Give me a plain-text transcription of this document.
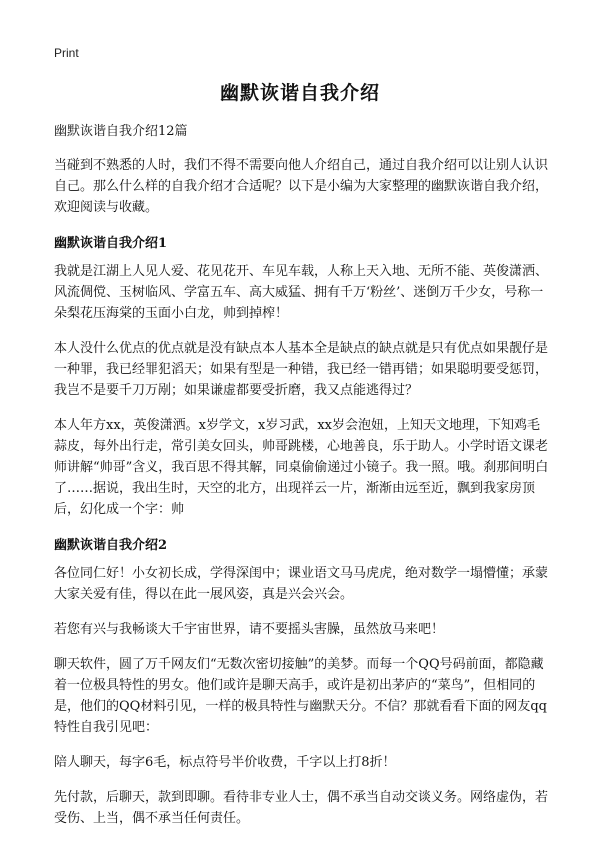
Print
幽默诙谐自我介绍
幽默诙谐自我介绍12篇

当碰到不熟悉的人时，我们不得不需要向他人介绍自己，通过自我介绍可以让别人认识自己。那么什么样的自我介绍才合适呢？以下是小编为大家整理的幽默诙谐自我介绍，欢迎阅读与收藏。

幽默诙谐自我介绍1

我就是江湖上人见人爱、花见花开、车见车载，人称上天入地、无所不能、英俊潇洒、风流倜傥、玉树临风、学富五车、高大威猛、拥有千万‘粉丝’、迷倒万千少女，号称一朵梨花压海棠的玉面小白龙，帅到掉榨！

本人没什么优点的优点就是没有缺点本人基本全是缺点的缺点就是只有优点如果靓仔是一种罪，我已经罪犯滔天；如果有型是一种错，我已经一错再错；如果聪明要受惩罚，我岂不是要千刀万剐；如果谦虚都要受折磨，我又点能逃得过？

本人年方xx，英俊潇洒。x岁学文，x岁习武，xx岁会泡妞，上知天文地理，下知鸡毛蒜皮，每外出行走，常引美女回头，帅哥跳楼，心地善良，乐于助人。小学时语文课老师讲解“帅哥”含义，我百思不得其解，同桌偷偷递过小镜子。我一照。哦。刹那间明白了……据说，我出生时，天空的北方，出现祥云一片，渐渐由远至近，飘到我家房顶后，幻化成一个字：帅

幽默诙谐自我介绍2

各位同仁好！小女初长成，学得深闺中；课业语文马马虎虎，绝对数学一塌懵懂；承蒙大家关爱有佳，得以在此一展风姿，真是兴会兴会。

若您有兴与我畅谈大千宇宙世界，请不要摇头害臊，虽然放马来吧！

聊天软件，圆了万千网友们“无数次密切接触”的美梦。而每一个QQ号码前面，都隐藏着一位极具特性的男女。他们或许是聊天高手，或许是初出茅庐的“菜鸟”，但相同的是，他们的QQ材料引见，一样的极具特性与幽默天分。不信？那就看看下面的网友qq特性自我引见吧：

陪人聊天，每字6毛，标点符号半价收费，千字以上打8折！

先付款，后聊天，款到即聊。看待非专业人士，偶不承当自动交谈义务。网络虚伪，若受伤、上当，偶不承当任何责任。
